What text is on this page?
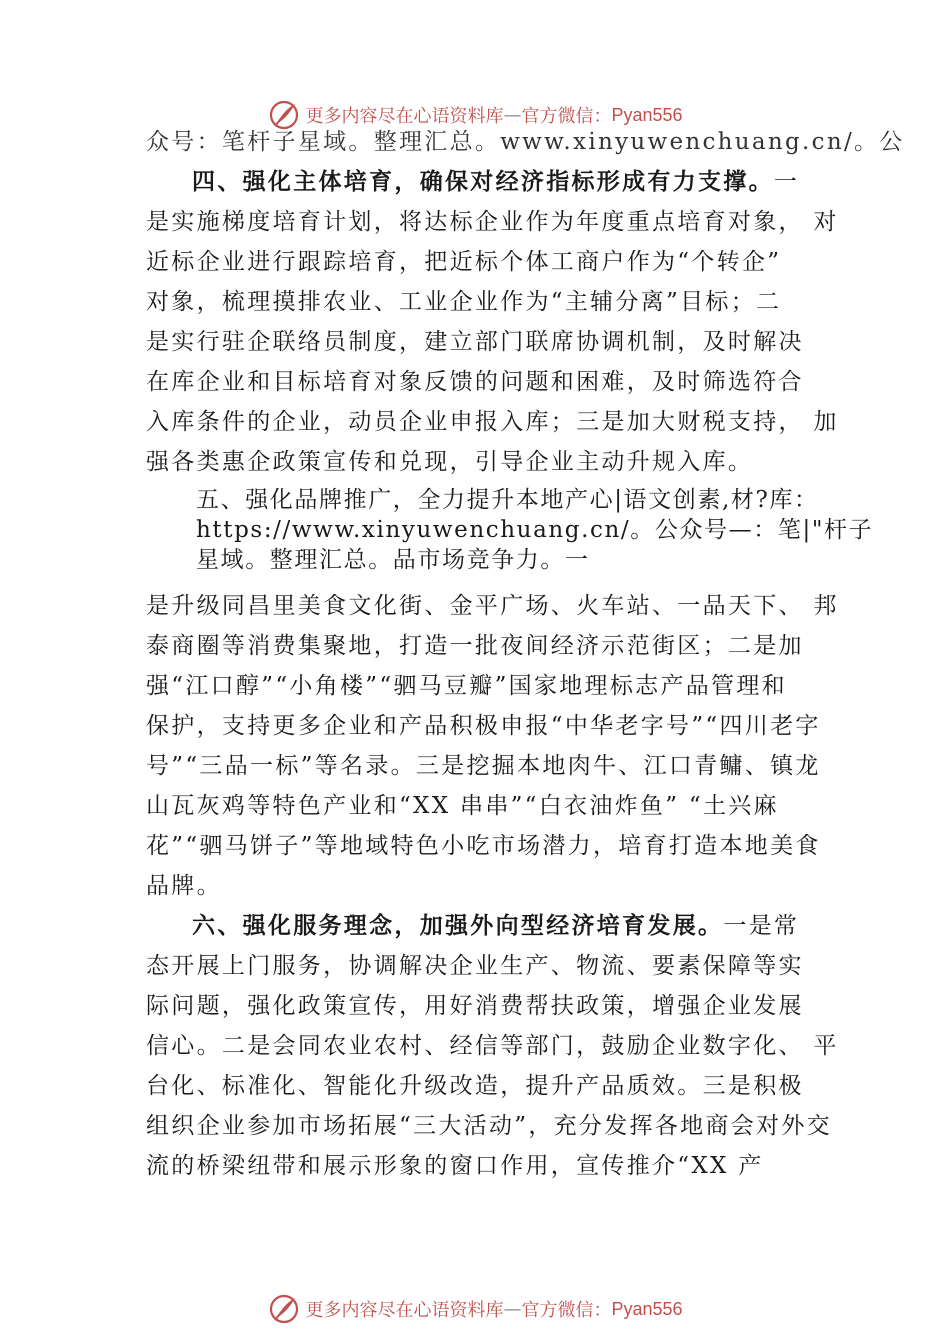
更多内容尽在心语资料库 — 官方微信： Pyan556
众号：笔杆子星域。整理汇总。www.xinyuwenchuang.cn/。公
四、强化主体培育，确保对经济指标形成有力支撑。一
是实施梯度培育计划，将达标企业作为年度重点培育对象， 对
近标企业进行跟踪培育，把近标个体工商户作为“个转企”
对象，梳理摸排农业、工业企业作为“主辅分离”目标；二
是实行驻企联络员制度，建立部门联席协调机制，及时解决
在库企业和目标培育对象反馈的问题和困难，及时筛选符合
入库条件的企业，动员企业申报入库；三是加大财税支持， 加
强各类惠企政策宣传和兑现，引导企业主动升规入库。
五、强化品牌推广，全力提升本地产心|语文创素,材?库：
https://www.xinyuwenchuang.cn/。公众号—：笔|"杆子
星域。整理汇总。品市场竞争力。一
是升级同昌里美食文化街、金平广场、火车站、一品天下、 邦
泰商圈等消费集聚地，打造一批夜间经济示范街区；二是加
强“江口醇”“小角楼”“驷马豆瓣”国家地理标志产品管理和
保护，支持更多企业和产品积极申报“中华老字号”“四川老字
号”“三品一标”等名录。三是挖掘本地肉牛、江口青鳙、镇龙
山瓦灰鸡等特色产业和“XX 串串”“白衣油炸鱼” “土兴麻
花”“驷马饼子”等地域特色小吃市场潜力，培育打造本地美食
品牌。
六、强化服务理念，加强外向型经济培育发展。一是常
态开展上门服务，协调解决企业生产、物流、要素保障等实
际问题，强化政策宣传，用好消费帮扶政策，增强企业发展
信心。二是会同农业农村、经信等部门，鼓励企业数字化、 平
台化、标准化、智能化升级改造，提升产品质效。三是积极
组织企业参加市场拓展“三大活动”，充分发挥各地商会对外交
流的桥梁纽带和展示形象的窗口作用，宣传推介“XX 产
更多内容尽在心语资料库 — 官方微信： Pyan556
